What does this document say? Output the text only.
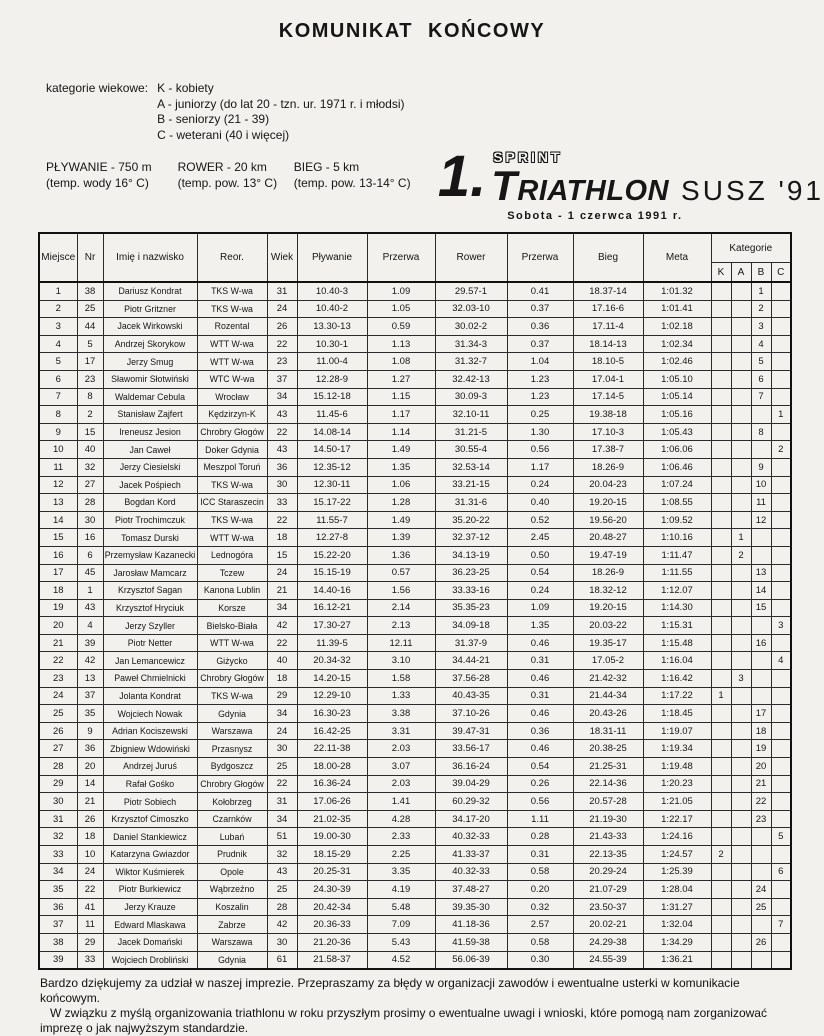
KOMUNIKAT KOŃCOWY
kategorie wiekowe: K - kobiety
A - juniorzy (do lat 20 - tzn. ur. 1971 r. i młodsi)
B - seniorzy (21 - 39)
C - weterani (40 i więcej)
PŁYWANIE - 750 m
(temp. wody 16° C)
ROWER - 20 km
(temp. pow. 13° C)
BIEG - 5 km
(temp. pow. 13-14° C) 1. SPRINT
TRIATHLON SUSZ '91
Sobota - 1 czerwca 1991 r.
Miejsce	Nr	Imię i nazwisko	Reor.	Wiek	Pływanie	Przerwa	Rower	Przerwa	Bieg	Meta	Kategorie			
											K	A	B	C
1	38	Dariusz Kondrat	TKS W-wa	31	10.40-3	1.09	29.57-1	0.41	18.37-14	1:01.32			1	
2	25	Piotr Gritzner	TKS W-wa	24	10.40-2	1.05	32.03-10	0.37	17.16-6	1:01.41			2	
3	44	Jacek Wirkowski	Rozental	26	13.30-13	0.59	30.02-2	0.36	17.11-4	1:02.18			3	
4	5	Andrzej Skorykow	WTT W-wa	22	10.30-1	1.13	31.34-3	0.37	18.14-13	1:02.34			4	
5	17	Jerzy Smug	WTT W-wa	23	11.00-4	1.08	31.32-7	1.04	18.10-5	1:02.46			5	
6	23	Sławomir Słotwiński	WTC W-wa	37	12.28-9	1.27	32.42-13	1.23	17.04-1	1:05.10			6	
7	8	Waldemar Cebula	Wrocław	34	15.12-18	1.15	30.09-3	1.23	17.14-5	1:05.14			7	
8	2	Stanisław Zajfert	Kędzirzyn-K	43	11.45-6	1.17	32.10-11	0.25	19.38-18	1:05.16				1
9	15	Ireneusz Jesion	Chrobry Głogów	22	14.08-14	1.14	31.21-5	1.30	17.10-3	1:05.43			8	
10	40	Jan Caweł	Doker Gdynia	43	14.50-17	1.49	30.55-4	0.56	17.38-7	1:06.06				2
11	32	Jerzy Ciesielski	Meszpol Toruń	36	12.35-12	1.35	32.53-14	1.17	18.26-9	1:06.46			9	
12	27	Jacek Pośpiech	TKS W-wa	30	12.30-11	1.06	33.21-15	0.24	20.04-23	1:07.24			10	
13	28	Bogdan Kord	ICC Staraszecin	33	15.17-22	1.28	31.31-6	0.40	19.20-15	1:08.55			11	
14	30	Piotr Trochimczuk	TKS W-wa	22	11.55-7	1.49	35.20-22	0.52	19.56-20	1:09.52			12	
15	16	Tomasz Durski	WTT W-wa	18	12.27-8	1.39	32.37-12	2.45	20.48-27	1:10.16		1		
16	6	Przemysław Kazanecki	Lednogóra	15	15.22-20	1.36	34.13-19	0.50	19.47-19	1:11.47		2		
17	45	Jarosław Mamcarz	Tczew	24	15.15-19	0.57	36.23-25	0.54	18.26-9	1:11.55			13	
18	1	Krzysztof Sagan	Kanona Lublin	21	14.40-16	1.56	33.33-16	0.24	18.32-12	1:12.07			14	
19	43	Krzysztof Hryciuk	Korsze	34	16.12-21	2.14	35.35-23	1.09	19.20-15	1:14.30			15	
20	4	Jerzy Szyller	Bielsko-Biała	42	17.30-27	2.13	34.09-18	1.35	20.03-22	1:15.31				3
21	39	Piotr Netter	WTT W-wa	22	11.39-5	12.11	31.37-9	0.46	19.35-17	1:15.48			16	
22	42	Jan Lemancewicz	Giżycko	40	20.34-32	3.10	34.44-21	0.31	17.05-2	1:16.04				4
23	13	Paweł Chmielnicki	Chrobry Głogów	18	14.20-15	1.58	37.56-28	0.46	21.42-32	1:16.42		3		
24	37	Jolanta Kondrat	TKS W-wa	29	12.29-10	1.33	40.43-35	0.31	21.44-34	1:17.22	1			
25	35	Wojciech Nowak	Gdynia	34	16.30-23	3.38	37.10-26	0.46	20.43-26	1:18.45			17	
26	9	Adrian Kociszewski	Warszawa	24	16.42-25	3.31	39.47-31	0.36	18.31-11	1:19.07			18	
27	36	Zbigniew Wdowiński	Przasnysz	30	22.11-38	2.03	33.56-17	0.46	20.38-25	1:19.34			19	
28	20	Andrzej Juruś	Bydgoszcz	25	18.00-28	3.07	36.16-24	0.54	21.25-31	1:19.48			20	
29	14	Rafał Gośko	Chrobry Głogów	22	16.36-24	2.03	39.04-29	0.26	22.14-36	1:20.23			21	
30	21	Piotr Sobiech	Kołobrzeg	31	17.06-26	1.41	60.29-32	0.56	20.57-28	1:21.05			22	
31	26	Krzysztof Cimoszko	Czarnków	34	21.02-35	4.28	34.17-20	1.11	21.19-30	1:22.17			23	
32	18	Daniel Stankiewicz	Lubań	51	19.00-30	2.33	40.32-33	0.28	21.43-33	1:24.16				5
33	10	Katarzyna Gwiazdor	Prudnik	32	18.15-29	2.25	41.33-37	0.31	22.13-35	1:24.57	2			
34	24	Wiktor Kuśmierek	Opole	43	20.25-31	3.35	40.32-33	0.58	20.29-24	1:25.39				6
35	22	Piotr Burkiewicz	Wąbrzeźno	25	24.30-39	4.19	37.48-27	0.20	21.07-29	1:28.04			24	
36	41	Jerzy Krauze	Koszalin	28	20.42-34	5.48	39.35-30	0.32	23.50-37	1:31.27			25	
37	11	Edward Mlaskawa	Zabrze	42	20.36-33	7.09	41.18-36	2.57	20.02-21	1:32.04				7
38	29	Jacek Domański	Warszawa	30	21.20-36	5.43	41.59-38	0.58	24.29-38	1:34.29			26	
39	33	Wojciech Drobliński	Gdynia	61	21.58-37	4.52	56.06-39	0.30	24.55-39	1:36.21				

Bardzo dziękujemy za udział w naszej imprezie. Przepraszamy za błędy w organizacji zawodów i ewentualne usterki w komunikacie końcowym.

W związku z myślą organizowania triathlonu w roku przyszłym prosimy o ewentualne uwagi i wnioski, które pomogą nam zorganizować imprezę o jak najwyższym standardzie.
